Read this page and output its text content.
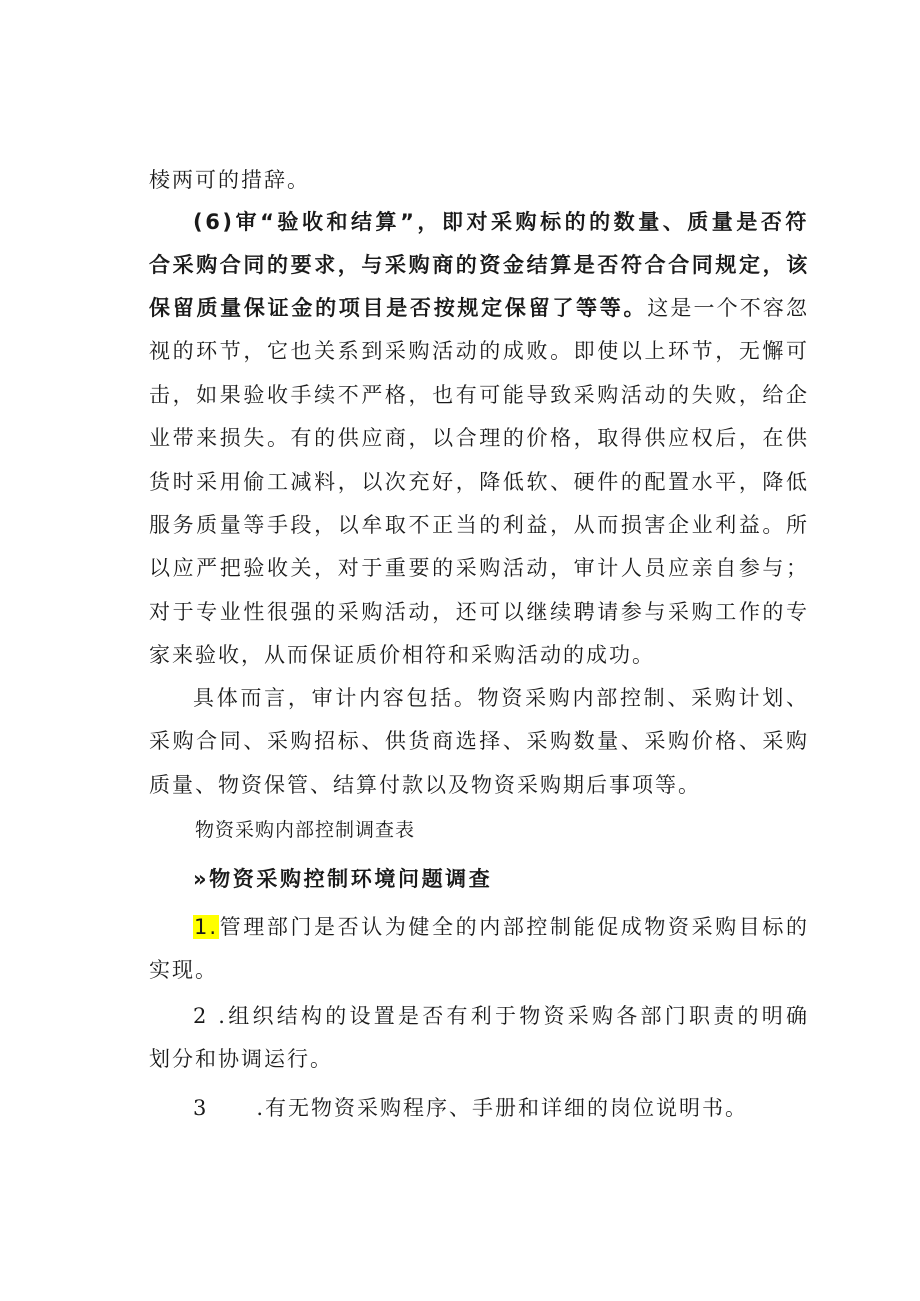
棱两可的措辞。
(6)审“验收和结算”，即对采购标的的数量、质量是否符
合采购合同的要求，与采购商的资金结算是否符合合同规定，该
保留质量保证金的项目是否按规定保留了等等。这是一个不容忽
视的环节，它也关系到采购活动的成败。即使以上环节，无懈可
击，如果验收手续不严格，也有可能导致采购活动的失败，给企
业带来损失。有的供应商，以合理的价格，取得供应权后，在供
货时采用偷工减料，以次充好，降低软、硬件的配置水平，降低
服务质量等手段，以牟取不正当的利益，从而损害企业利益。所
以应严把验收关，对于重要的采购活动，审计人员应亲自参与；
对于专业性很强的采购活动，还可以继续聘请参与采购工作的专
家来验收，从而保证质价相符和采购活动的成功。
具体而言，审计内容包括。物资采购内部控制、采购计划、
采购合同、采购招标、供货商选择、采购数量、采购价格、采购
质量、物资保管、结算付款以及物资采购期后事项等。
物资采购内部控制调查表
»物资采购控制环境问题调查
1.管理部门是否认为健全的内部控制能促成物资采购目标的
实现。
2 .组织结构的设置是否有利于物资采购各部门职责的明确
划分和协调运行。
3 .有无物资采购程序、手册和详细的岗位说明书。
